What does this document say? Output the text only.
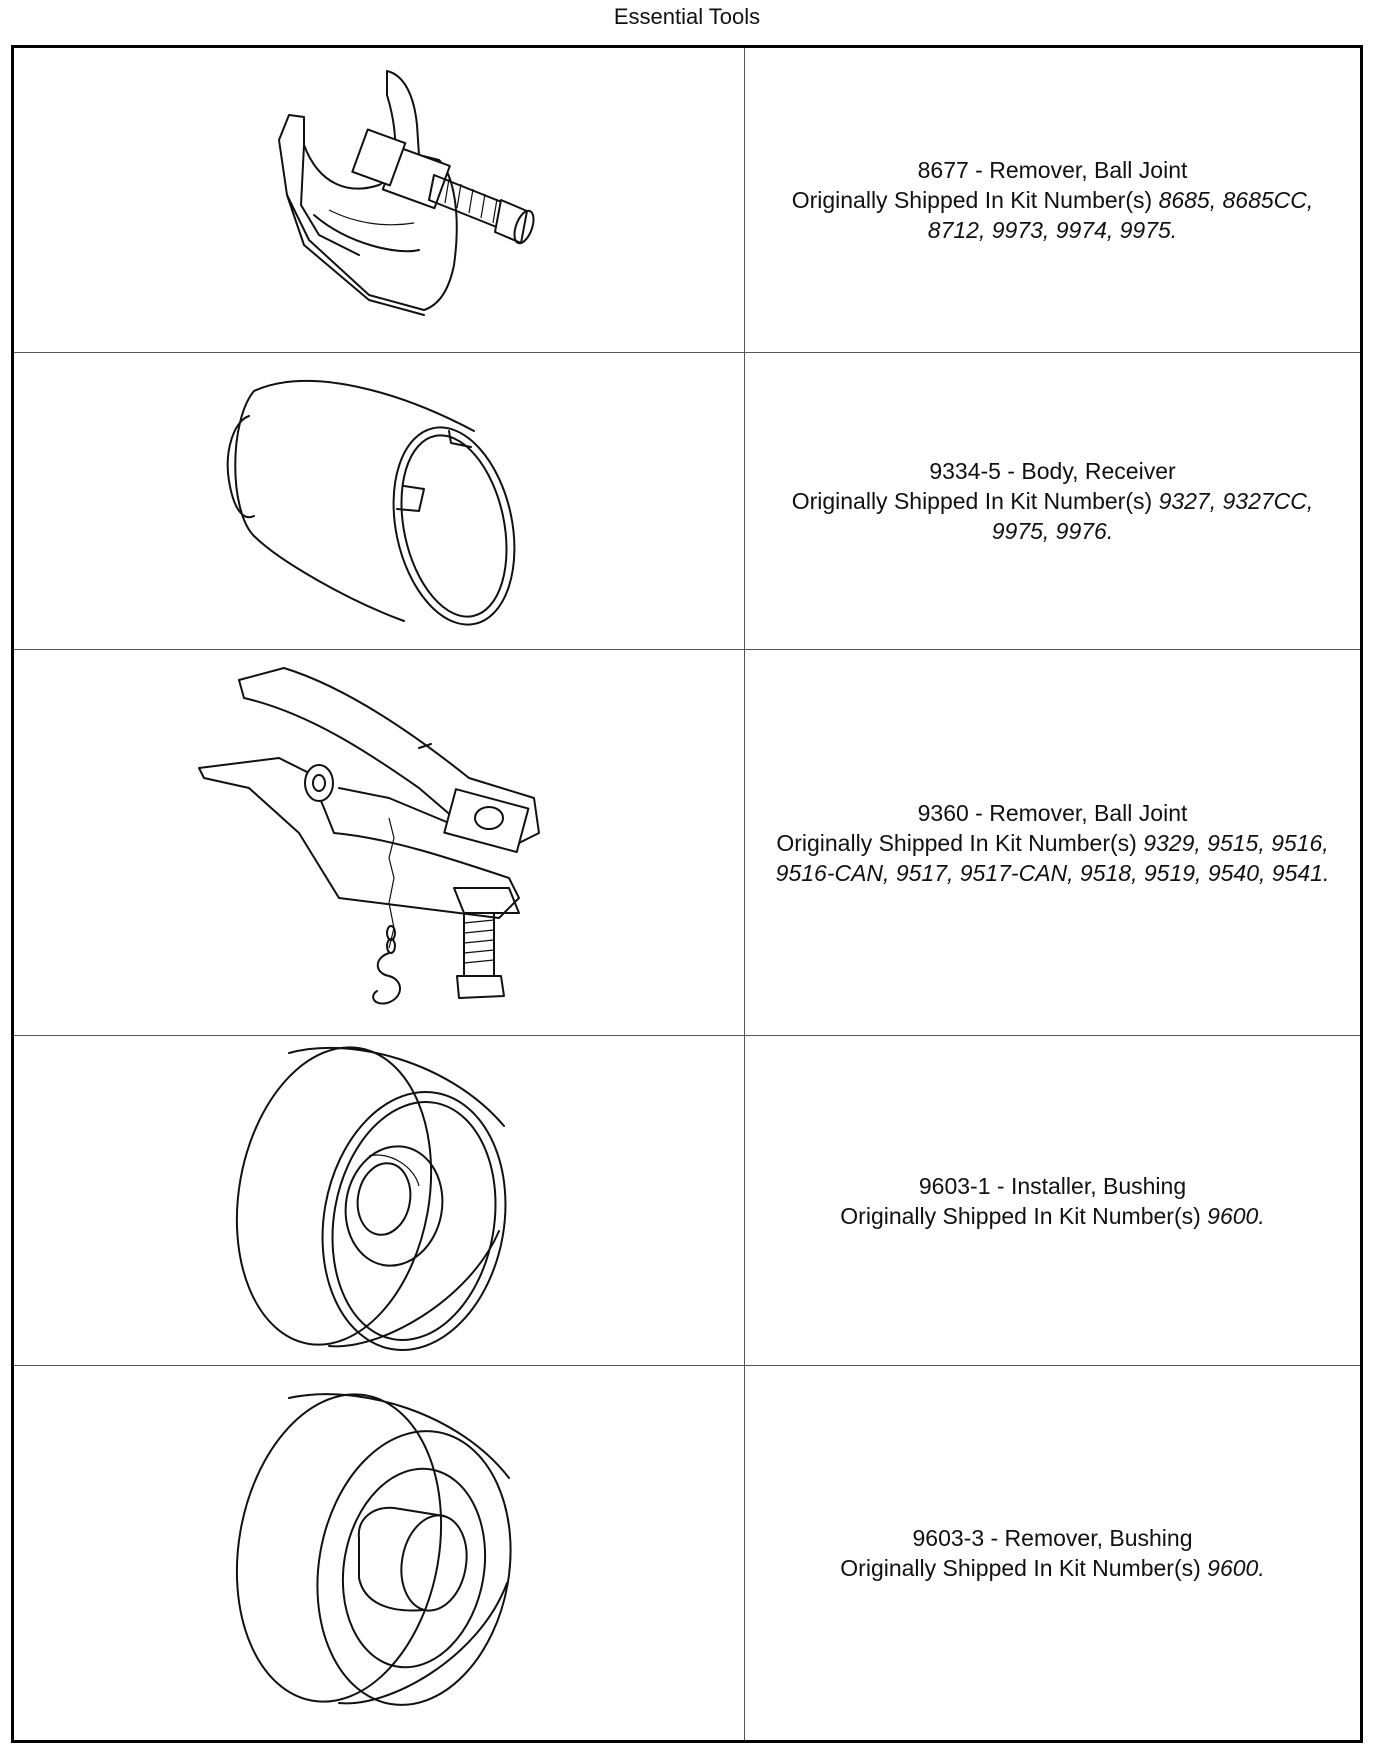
Essential Tools
8677 - Remover, Ball Joint
Originally Shipped In Kit Number(s) 8685, 8685CC,
8712, 9973, 9974, 9975.
9334-5 - Body, Receiver
Originally Shipped In Kit Number(s) 9327, 9327CC,
9975, 9976.
9360 - Remover, Ball Joint
Originally Shipped In Kit Number(s) 9329, 9515, 9516,
9516-CAN, 9517, 9517-CAN, 9518, 9519, 9540, 9541.
9603-1 - Installer, Bushing
Originally Shipped In Kit Number(s) 9600.
9603-3 - Remover, Bushing
Originally Shipped In Kit Number(s) 9600.
